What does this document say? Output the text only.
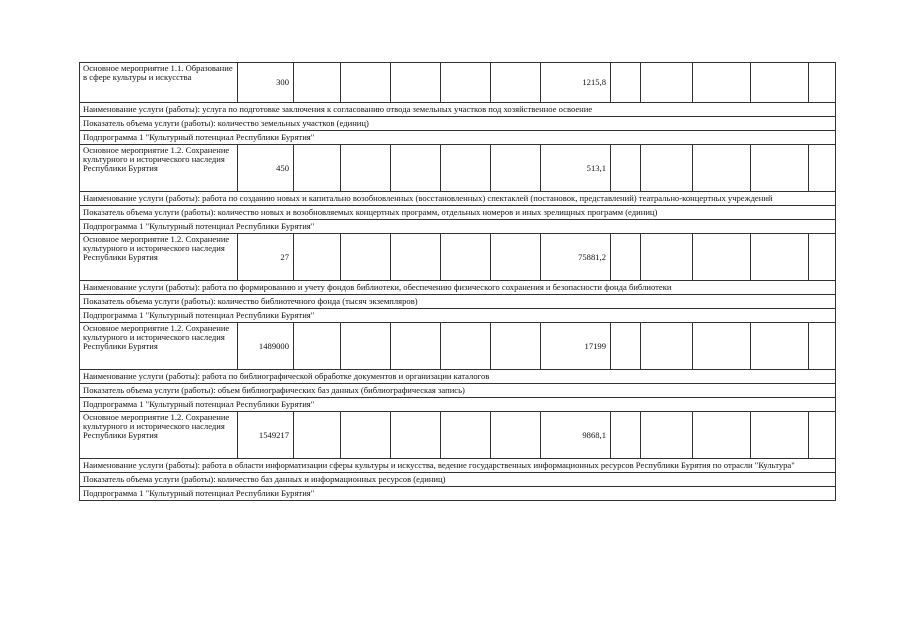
Основное мероприятие 1.1. Образование в сфере культуры и искусства	300						1215,8					
Наименование услуги (работы): услуга по подготовке заключения к согласованию отвода земельных участков под хозяйственное освоение												
Показатель объема услуги (работы): количество земельных участков (единиц)												
Подпрограмма 1 "Культурный потенциал Республики Бурятия"												
Основное мероприятие 1.2. Сохранение культурного и исторического наследия Республики Бурятия	450						513,1					
Наименование услуги (работы): работа по созданию новых и капитально возобновленных (восстановленных) спектаклей (постановок, представлений) театрально-концертных учреждений												
Показатель объема услуги (работы): количество новых и возобновляемых концертных программ, отдельных номеров и иных зрелищных программ (единиц)												
Подпрограмма 1 "Культурный потенциал Республики Бурятия"												
Основное мероприятие 1.2. Сохранение культурного и исторического наследия Республики Бурятия	27						75881,2					
Наименование услуги (работы): работа по формированию и учету фондов библиотеки, обеспечению физического сохранения и безопасности фонда библиотеки												
Показатель объема услуги (работы): количество библиотечного фонда (тысяч экземпляров)												
Подпрограмма 1 "Культурный потенциал Республики Бурятия"												
Основное мероприятие 1.2. Сохранение культурного и исторического наследия Республики Бурятия	1489000						17199					
Наименование услуги (работы): работа по библиографической обработке документов и организации каталогов												
Показатель объема услуги (работы): объем библиографических баз данных (библиографическая запись)												
Подпрограмма 1 "Культурный потенциал Республики Бурятия"												
Основное мероприятие 1.2. Сохранение культурного и исторического наследия Республики Бурятия	1549217						9868,1					
Наименование услуги (работы): работа в области информатизации сферы культуры и искусства, ведение государственных информационных ресурсов Республики Бурятия по отрасли "Культура"												
Показатель объема услуги (работы): количество баз данных и информационных ресурсов (единиц)												
Подпрограмма 1 "Культурный потенциал Республики Бурятия"												
